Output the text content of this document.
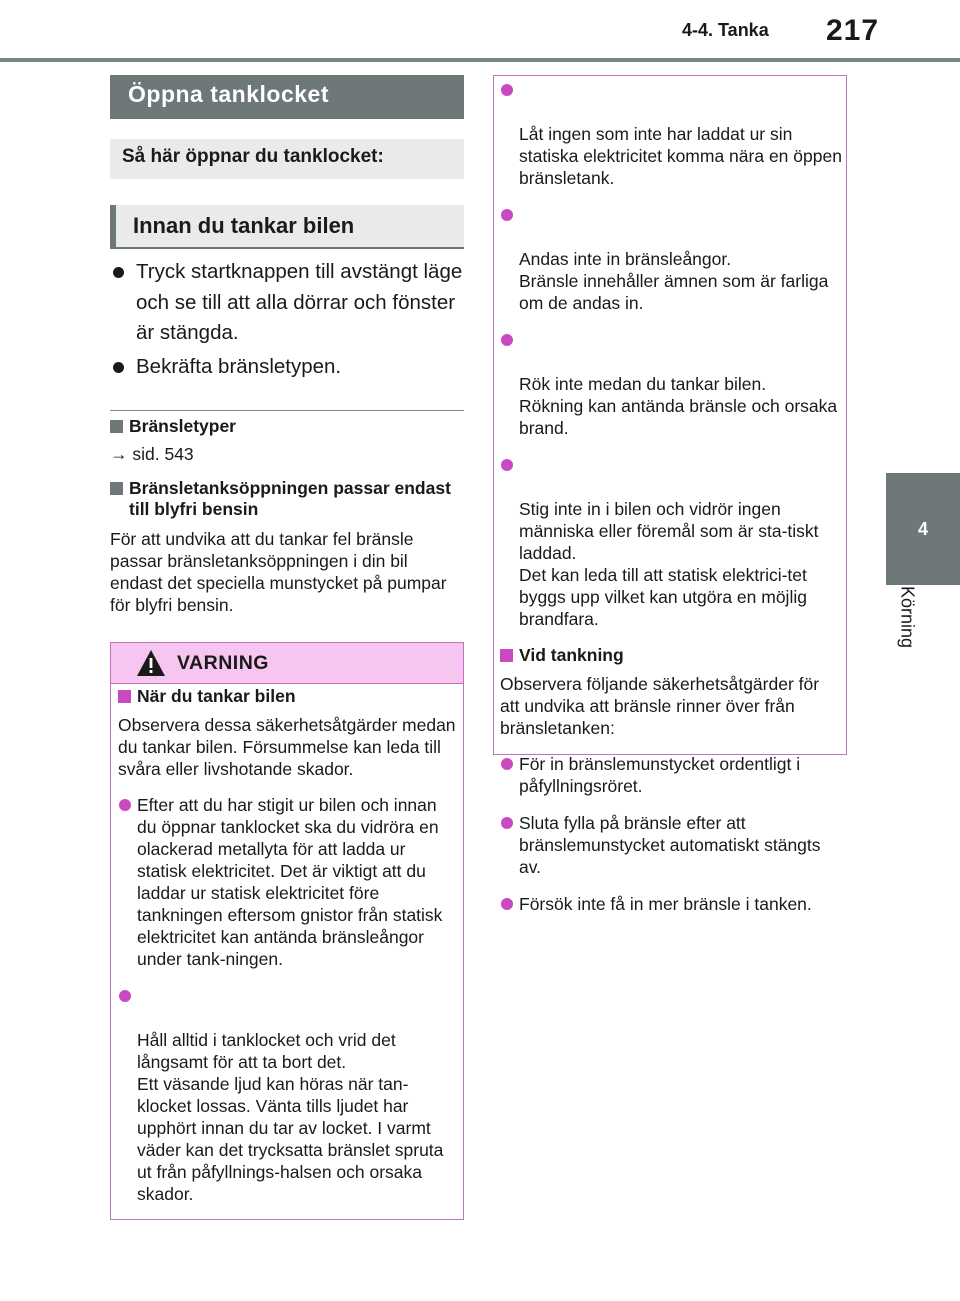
4-4. Tanka 217
4
Körning
Öppna tanklocket
Så här öppnar du tanklocket:
Innan du tankar bilen
Tryck startknappen till avstängt läge och se till att alla dörrar och fönster är stängda.
Bekräfta bränsletypen.
Bränsletyper
→ sid. 543
Bränsletanksöppningen passar endast till blyfri bensin
För att undvika att du tankar fel bränsle passar bränsletanksöppningen i din bil endast det speciella munstycket på pumpar för blyfri bensin.
VARNING
När du tankar bilen
Observera dessa säkerhetsåtgärder medan du tankar bilen. Försummelse kan leda till svåra eller livshotande skador.
Efter att du har stigit ur bilen och innan du öppnar tanklocket ska du vidröra en olackerad metallyta för att ladda ur statisk elektricitet. Det är viktigt att du laddar ur statisk elektricitet före tankningen eftersom gnistor från statisk elektricitet kan antända bränsleångor under tank-ningen.

Håll alltid i tanklocket och vrid det långsamt för att ta bort det.
Ett väsande ljud kan höras när tan-klocket lossas. Vänta tills ljudet har upphört innan du tar av locket. I varmt väder kan det trycksatta bränslet spruta ut från påfyllnings-halsen och orsaka skador.

Låt ingen som inte har laddat ur sin statiska elektricitet komma nära en öppen bränsletank.

Andas inte in bränsleångor.
Bränsle innehåller ämnen som är farliga om de andas in.

Rök inte medan du tankar bilen.
Rökning kan antända bränsle och orsaka brand.

Stig inte in i bilen och vidrör ingen människa eller föremål som är sta-tiskt laddad.
Det kan leda till att statisk elektrici-tet byggs upp vilket kan utgöra en möjlig brandfara.

Vid tankning
Observera följande säkerhetsåtgärder för att undvika att bränsle rinner över från bränsletanken:
För in bränslemunstycket ordentligt i påfyllningsröret.
Sluta fylla på bränsle efter att bränslemunstycket automatiskt stängts av.
Försök inte få in mer bränsle i tanken.
